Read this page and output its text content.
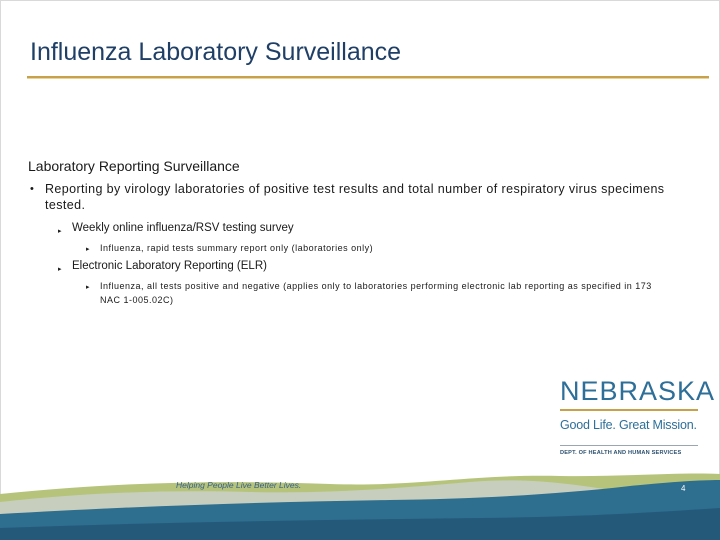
Influenza Laboratory Surveillance
Laboratory Reporting Surveillance
• Reporting by virology laboratories of positive test results and total number of respiratory virus specimens tested.
▸ Weekly online influenza/RSV testing survey
▸ Influenza, rapid tests summary report only (laboratories only)
▸ Electronic Laboratory Reporting (ELR)
▸ Influenza, all tests positive and negative (applies only to laboratories performing electronic lab reporting as specified in 173 NAC 1-005.02C)
NEBRASKA
Good Life. Great Mission.
DEPT. OF HEALTH AND HUMAN SERVICES
Helping People Live Better Lives.	4
